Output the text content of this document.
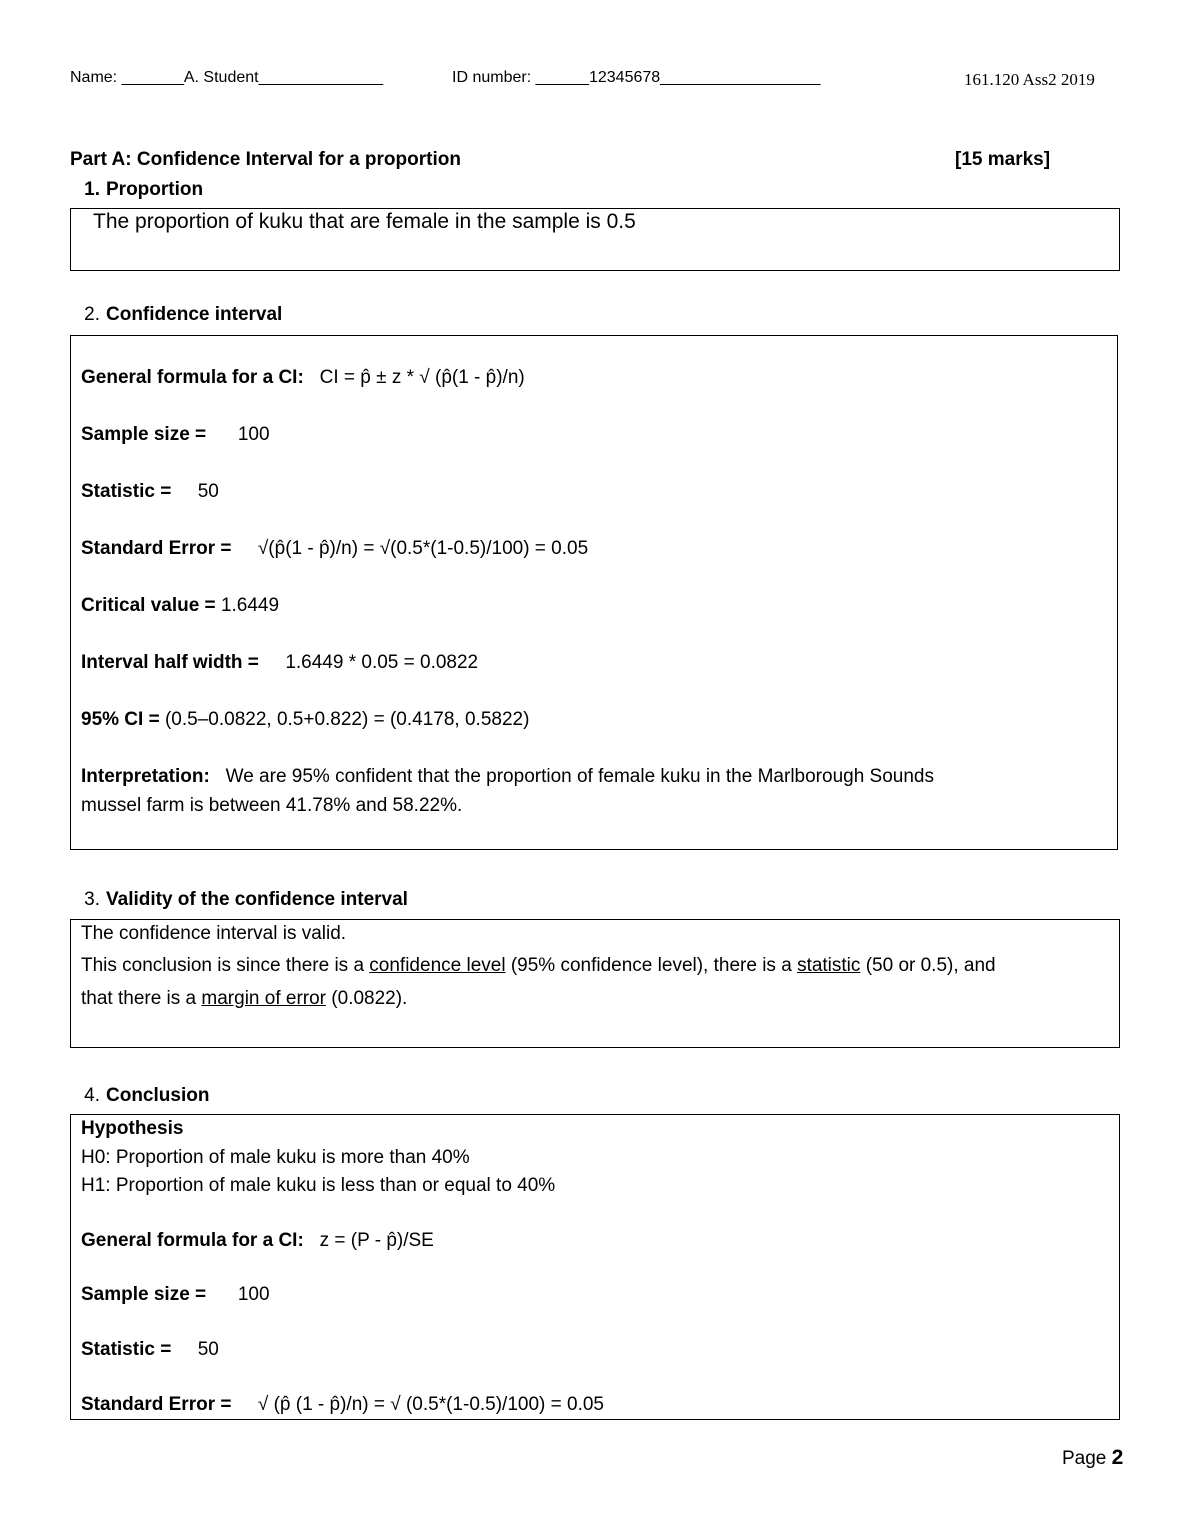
Name: _______A. Student______________	ID number: ______12345678__________________	161.120 Ass2 2019
Part A: Confidence Interval for a proportion	[15 marks]
1. Proportion
The proportion of kuku that are female in the sample is 0.5
2. Confidence interval
General formula for a CI: CI = p̂ ± z * √ (p̂(1 - p̂)/n)
Sample size = 100
Statistic = 50
Standard Error = √(p̂(1 - p̂)/n) = √(0.5*(1-0.5)/100) = 0.05
Critical value = 1.6449
Interval half width = 1.6449 * 0.05 = 0.0822
95% CI = (0.5–0.0822, 0.5+0.822) = (0.4178, 0.5822)
Interpretation: We are 95% confident that the proportion of female kuku in the Marlborough Sounds
mussel farm is between 41.78% and 58.22%.
3. Validity of the confidence interval
The confidence interval is valid.
This conclusion is since there is a confidence level (95% confidence level), there is a statistic (50 or 0.5), and
that there is a margin of error (0.0822).
4. Conclusion
Hypothesis
H0: Proportion of male kuku is more than 40%
H1: Proportion of male kuku is less than or equal to 40%
General formula for a CI: z = (P - p̂)/SE
Sample size = 100
Statistic = 50
Standard Error = √ (p̂ (1 - p̂)/n) = √ (0.5*(1-0.5)/100) = 0.05
Page 2
